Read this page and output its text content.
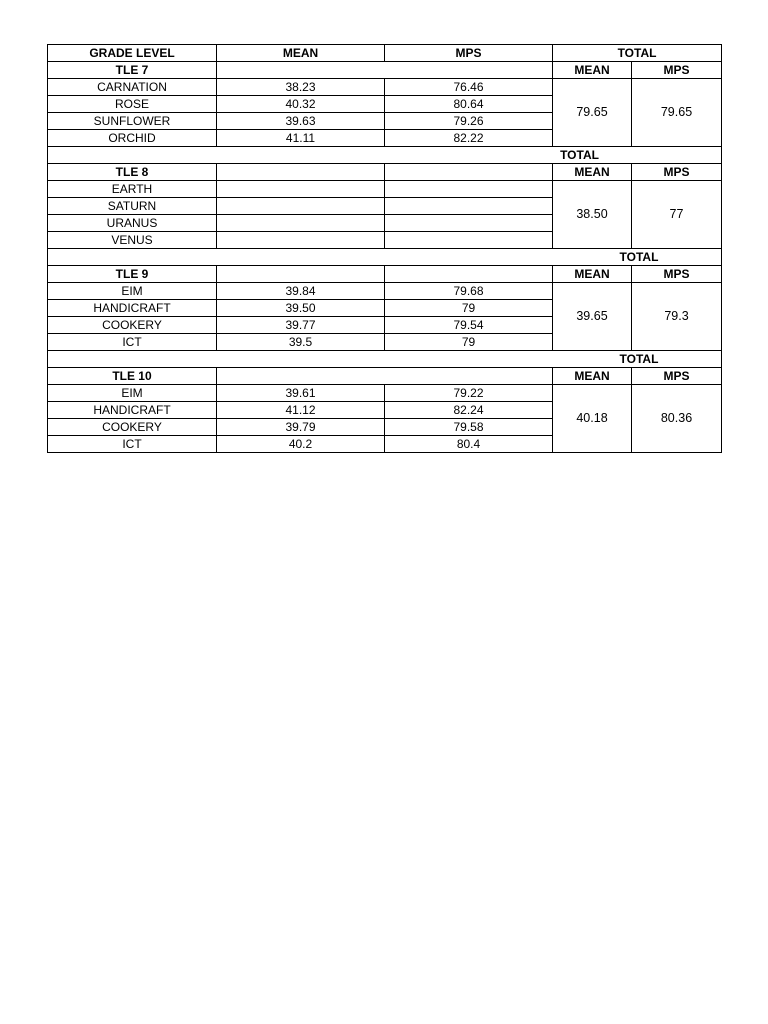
GRADE LEVEL	MEAN	MPS	TOTAL	
TLE 7			MEAN	MPS
CARNATION	38.23	76.46	79.65	79.65
ROSE	40.32	80.64		
SUNFLOWER	39.63	79.26		
ORCHID	41.11	82.22		
TOTAL				
TLE 8			MEAN	MPS
EARTH			38.50	77
SATURN				
URANUS				
VENUS				
TOTAL				
TLE 9			MEAN	MPS
EIM	39.84	79.68	39.65	79.3
HANDICRAFT	39.50	79		
COOKERY	39.77	79.54		
ICT	39.5	79		
TOTAL				
TLE 10			MEAN	MPS
EIM	39.61	79.22	40.18	80.36
HANDICRAFT	41.12	82.24		
COOKERY	39.79	79.58		
ICT	40.2	80.4		
